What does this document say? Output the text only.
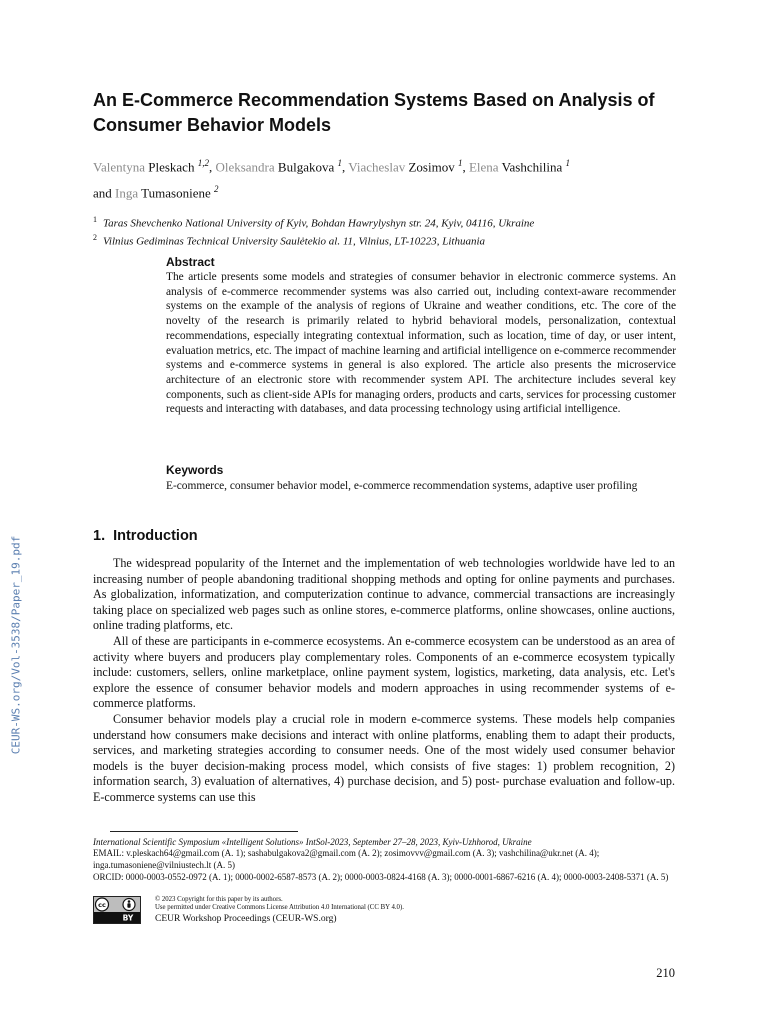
CEUR-WS.org/Vol-3538/Paper_19.pdf
An E-Commerce Recommendation Systems Based on Analysis of Consumer Behavior Models
Valentyna Pleskach $^{1,2}$, Oleksandra Bulgakova $^1$, Viacheslav Zosimov $^1$, Elena Vashchilina $^1$
and Inga Tumasoniene $^2$
$^1$ Taras Shevchenko National University of Kyiv, Bohdan Hawrylyshyn str. 24, Kyiv, 04116, Ukraine
$^2$ Vilnius Gediminas Technical University Saulėtekio al. 11, Vilnius, LT-10223, Lithuania
Abstract
The article presents some models and strategies of consumer behavior in electronic commerce systems. An analysis of e-commerce recommender systems was also carried out, including context-aware recommender systems on the example of the analysis of regions of Ukraine and weather conditions, etc. The core of the novelty of the research is primarily related to hybrid behavioral models, personalization, contextual recommendations, especially integrating contextual information, such as location, time of day, or user intent, evaluation metrics, etc. The impact of machine learning and artificial intelligence on e-commerce recommender systems and e-commerce systems in general is also explored. The article also presents the microservice architecture of an electronic store with recommender system API. The architecture includes several key components, such as client-side APIs for managing orders, products and carts, services for processing customer requests and interacting with databases, and data processing technology using artificial intelligence.
Keywords
E-commerce, consumer behavior model, e-commerce recommendation systems, adaptive user profiling
1. Introduction

The widespread popularity of the Internet and the implementation of web technologies worldwide have led to an increasing number of people abandoning traditional shopping methods and opting for online payments and purchases. As globalization, informatization, and computerization continue to advance, commercial transactions are increasingly taking place on specialized web pages such as online stores, e-commerce platforms, online showcases, online auctions, online trading platforms, etc.

All of these are participants in e-commerce ecosystems. An e-commerce ecosystem can be understood as an area of activity where buyers and producers play complementary roles. Components of an e-commerce ecosystem typically include: customers, sellers, online marketplace, online payment system, logistics, marketing, data analysis, etc. Let's explore the essence of consumer behavior models and modern approaches in using recommender systems of e-commerce platforms.

Consumer behavior models play a crucial role in modern e-commerce systems. These models help companies understand how consumers make decisions and interact with online platforms, enabling them to adapt their products, services, and marketing strategies according to consumer needs. One of the most widely used consumer behavior models is the buyer decision-making process model, which consists of five stages: 1) problem recognition, 2) information search, 3) evaluation of alternatives, 4) purchase decision, and 5) post- purchase evaluation and follow-up. E-commerce systems can use this

International Scientific Symposium «Intelligent Solutions» IntSol-2023, September 27–28, 2023, Kyiv-Uzhhorod, Ukraine
EMAIL: v.pleskach64@gmail.com (A. 1); sashabulgakova2@gmail.com (A. 2); zosimovvv@gmail.com (A. 3); vashchilina@ukr.net (A. 4); inga.tumasoniene@vilniustech.lt (A. 5)
ORCID: 0000-0003-0552-0972 (A. 1); 0000-0002-6587-8573 (A. 2); 0000-0003-0824-4168 (A. 3); 0000-0001-6867-6216 (A. 4); 0000-0003-2408-5371 (A. 5)
cc
BY
© 2023 Copyright for this paper by its authors.
Use permitted under Creative Commons License Attribution 4.0 International (CC BY 4.0).
CEUR Workshop Proceedings (CEUR-WS.org)
210
